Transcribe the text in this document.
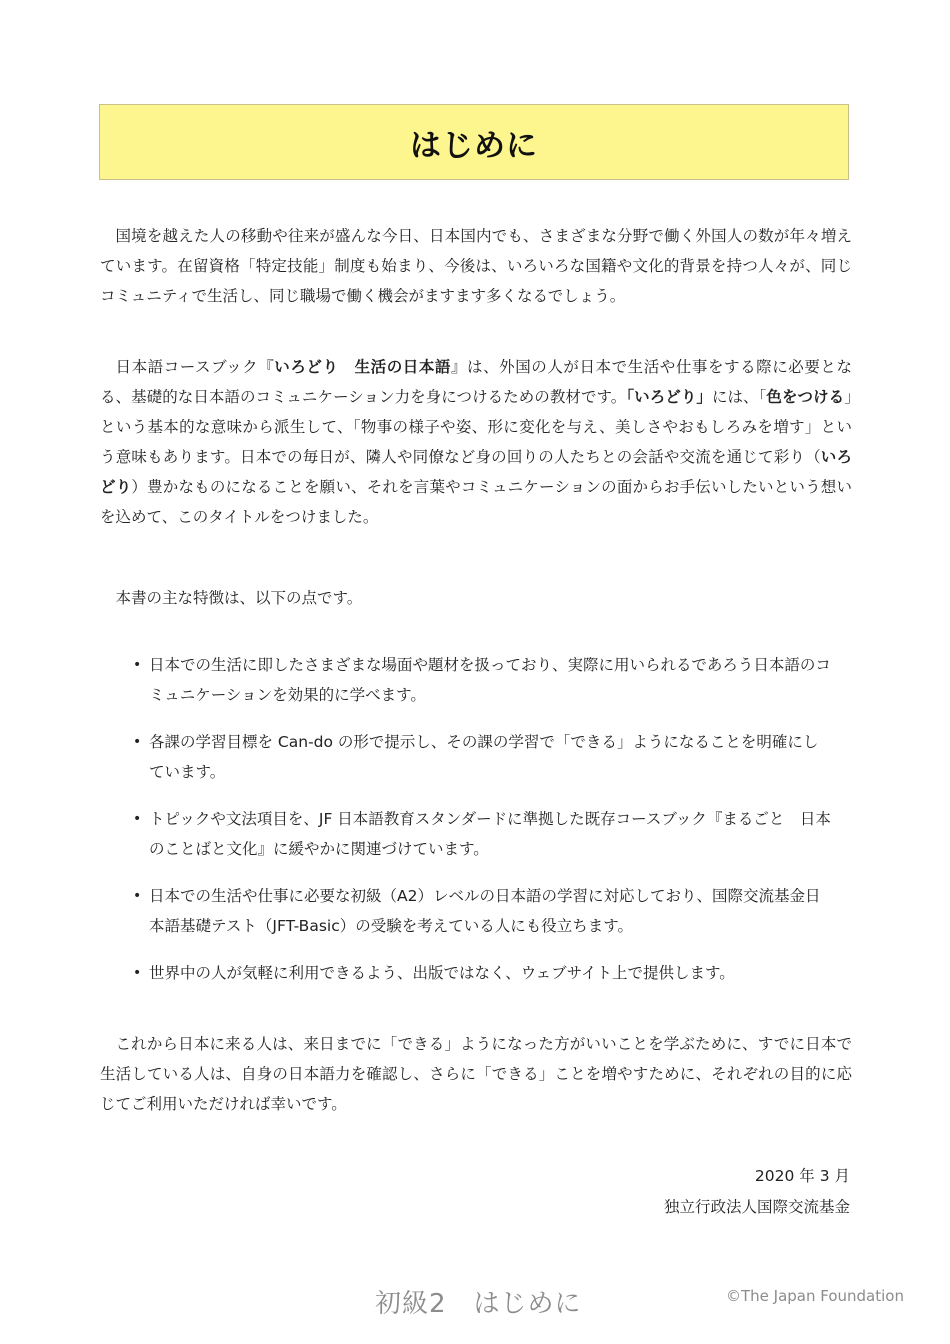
はじめに

国境を越えた人の移動や往来が盛んな今日、日本国内でも、さまざまな分野で働く外国人の数が年々増えています。在留資格「特定技能」制度も始まり、今後は、いろいろな国籍や文化的背景を持つ人々が、同じコミュニティで生活し、同じ職場で働く機会がますます多くなるでしょう。

日本語コースブック『いろどり　生活の日本語』は、外国の人が日本で生活や仕事をする際に必要となる、基礎的な日本語のコミュニケーション力を身につけるための教材です。「いろどり」には、「色をつける」という基本的な意味から派生して、「物事の様子や姿、形に変化を与え、美しさやおもしろみを増す」という意味もあります。日本での毎日が、隣人や同僚など身の回りの人たちとの会話や交流を通じて彩り（いろどり）豊かなものになることを願い、それを言葉やコミュニケーションの面からお手伝いしたいという想いを込めて、このタイトルをつけました。

本書の主な特徴は、以下の点です。

• 日本での生活に即したさまざまな場面や題材を扱っており、実際に用いられるであろう日本語のコミュニケーションを効果的に学べます。
• 各課の学習目標を Can-do の形で提示し、その課の学習で「できる」ようになることを明確にしています。
• トピックや文法項目を、JF 日本語教育スタンダードに準拠した既存コースブック『まるごと　日本のことばと文化』に緩やかに関連づけています。
• 日本での生活や仕事に必要な初級（A2）レベルの日本語の学習に対応しており、国際交流基金日本語基礎テスト（JFT-Basic）の受験を考えている人にも役立ちます。
• 世界中の人が気軽に利用できるよう、出版ではなく、ウェブサイト上で提供します。

これから日本に来る人は、来日までに「できる」ようになった方がいいことを学ぶために、すでに日本で生活している人は、自身の日本語力を確認し、さらに「できる」ことを増やすために、それぞれの目的に応じてご利用いただければ幸いです。

2020 年 3 月
独立行政法人国際交流基金
初級2　はじめに	©The Japan Foundation
